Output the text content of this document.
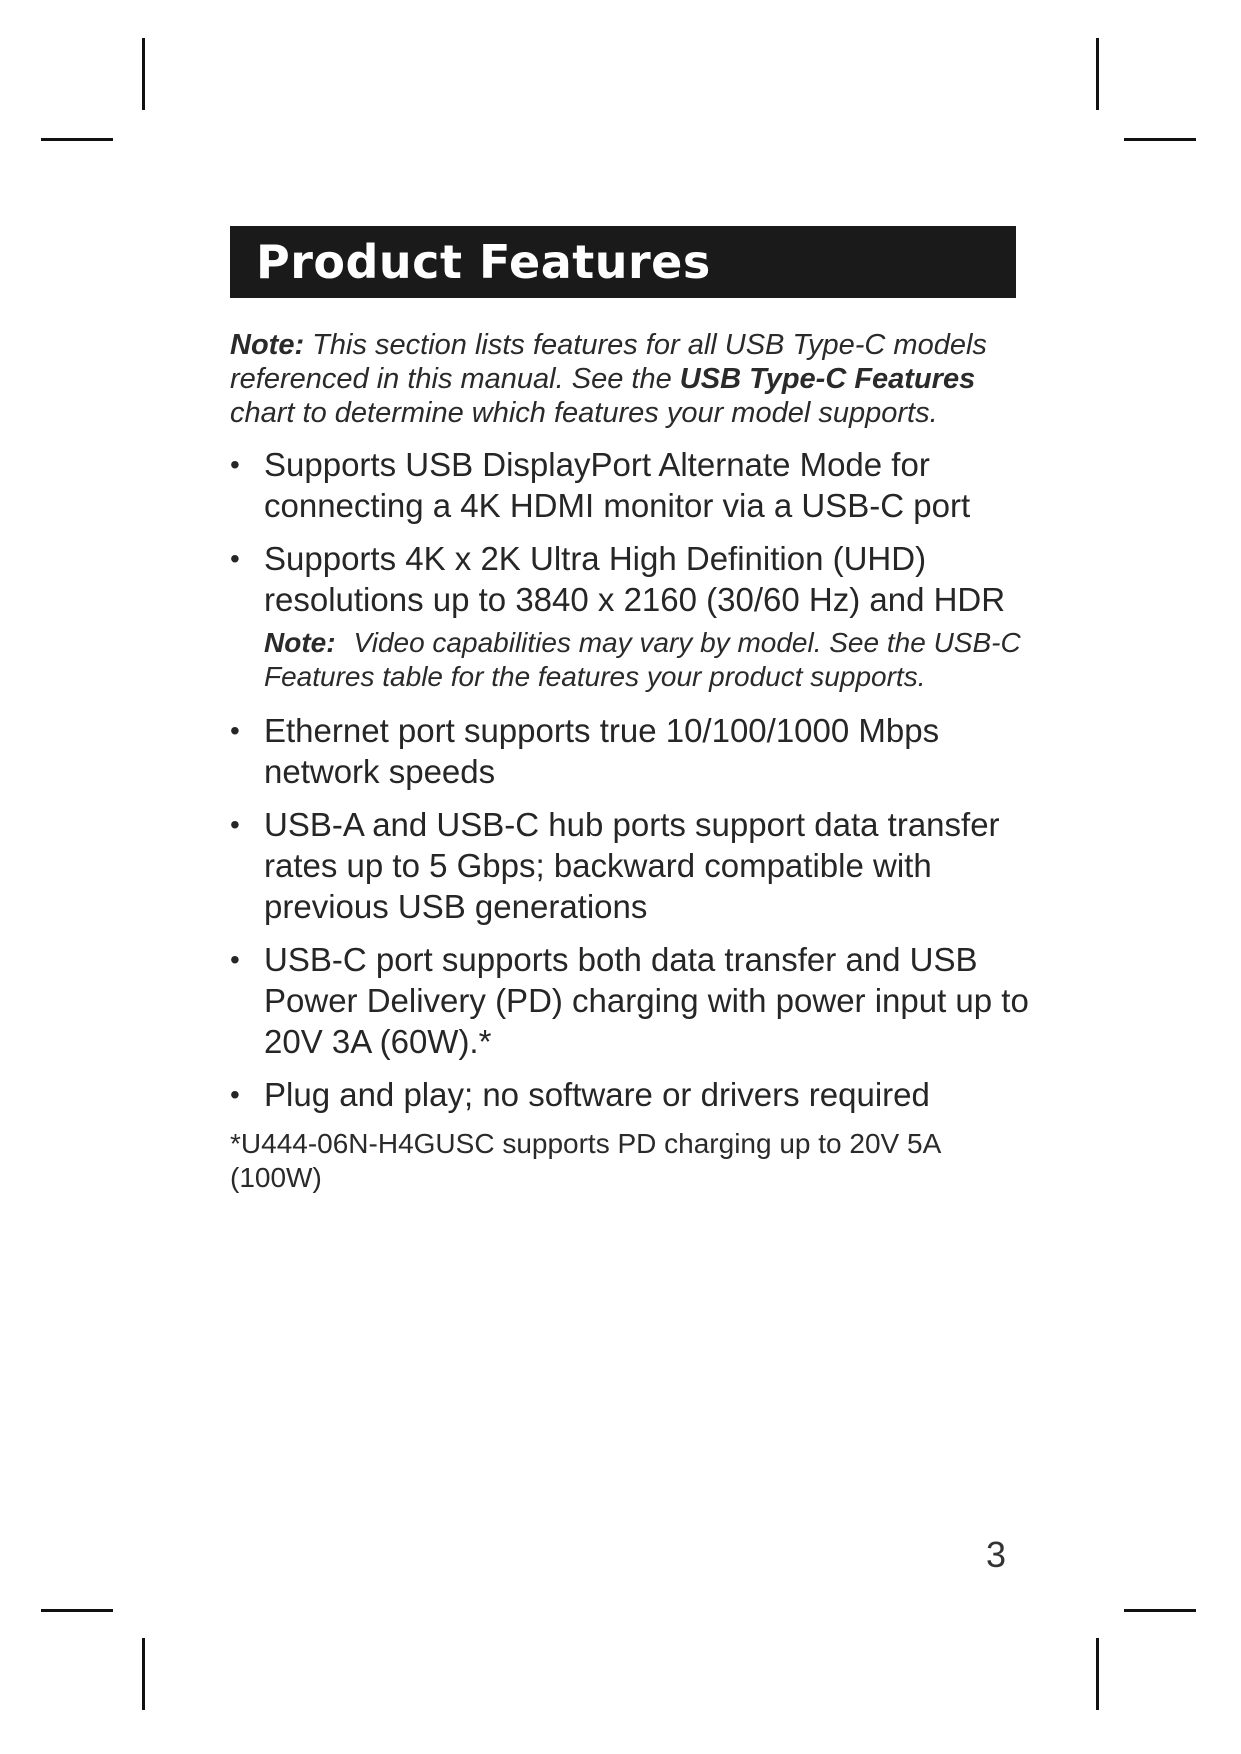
Product Features
Note: This section lists features for all USB Type-C models referenced in this manual. See the USB Type-C Features chart to determine which features your model supports.
• Supports USB DisplayPort Alternate Mode for connecting a 4K HDMI monitor via a USB-C port
• Supports 4K x 2K Ultra High Definition (UHD) resolutions up to 3840 x 2160 (30/60 Hz) and HDR
Note: Video capabilities may vary by model. See the USB-C Features table for the features your product supports.
• Ethernet port supports true 10/100/1000 Mbps network speeds
• USB-A and USB-C hub ports support data transfer rates up to 5 Gbps; backward compatible with previous USB generations
• USB-C port supports both data transfer and USB Power Delivery (PD) charging with power input up to 20V 3A (60W).*
• Plug and play; no software or drivers required
*U444-06N-H4GUSC supports PD charging up to 20V 5A (100W)
3
